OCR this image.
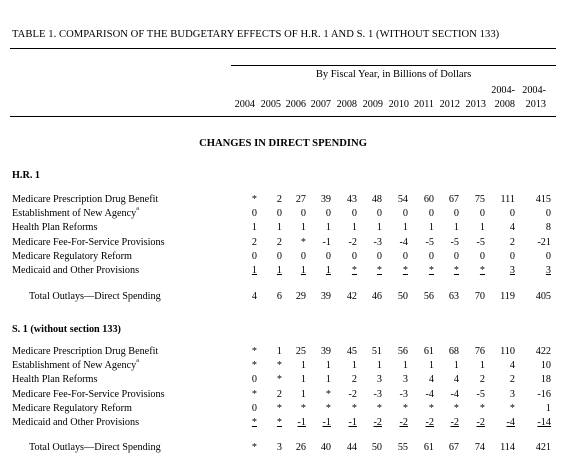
TABLE 1. COMPARISON OF THE BUDGETARY EFFECTS OF H.R. 1 AND S. 1 (WITHOUT SECTION 133)
By Fiscal Year, in Billions of Dollars
2004- 2004-
2004 2005 2006 2007 2008 2009 2010 2011 2012 2013 2008	2013
CHANGES IN DIRECT SPENDING
H.R. 1
Medicare Prescription Drug Benefit	*	2	27	39	43	48	54	60	67	75	111	415
Establishment of New Agency$^a$	0	0	0	0	0	0	0	0	0	0	0	0
Health Plan Reforms	1	1	1	1	1	1	1	1	1	1	4	8
Medicare Fee-For-Service Provisions	2	2	*	-1	-2	-3	-4	-5	-5	-5	2	-21
Medicare Regulatory Reform	0	0	0	0	0	0	0	0	0	0	0	0
Medicaid and Other Provisions	1	1	1	1	*	*	*	*	*	*	3	3
Total Outlays—Direct Spending	4	6	29	39	42	46	50	56	63	70	119	405
S. 1 (without section 133)
Medicare Prescription Drug Benefit	*	1	25	39	45	51	56	61	68	76	110	422
Establishment of New Agency$^a$	*	*	1	1	1	1	1	1	1	1	4	10
Health Plan Reforms	0	*	1	1	2	3	3	4	4	2	2	18
Medicare Fee-For-Service Provisions	*	2	1	*	-2	-3	-3	-4	-4	-5	3	-16
Medicare Regulatory Reform	0	*	*	*	*	*	*	*	*	*	*	1
Medicaid and Other Provisions	*	*	-1	-1	-1	-2	-2	-2	-2	-2	-4	-14
Total Outlays—Direct Spending	*	3	26	40	44	50	55	61	67	74	114	421
